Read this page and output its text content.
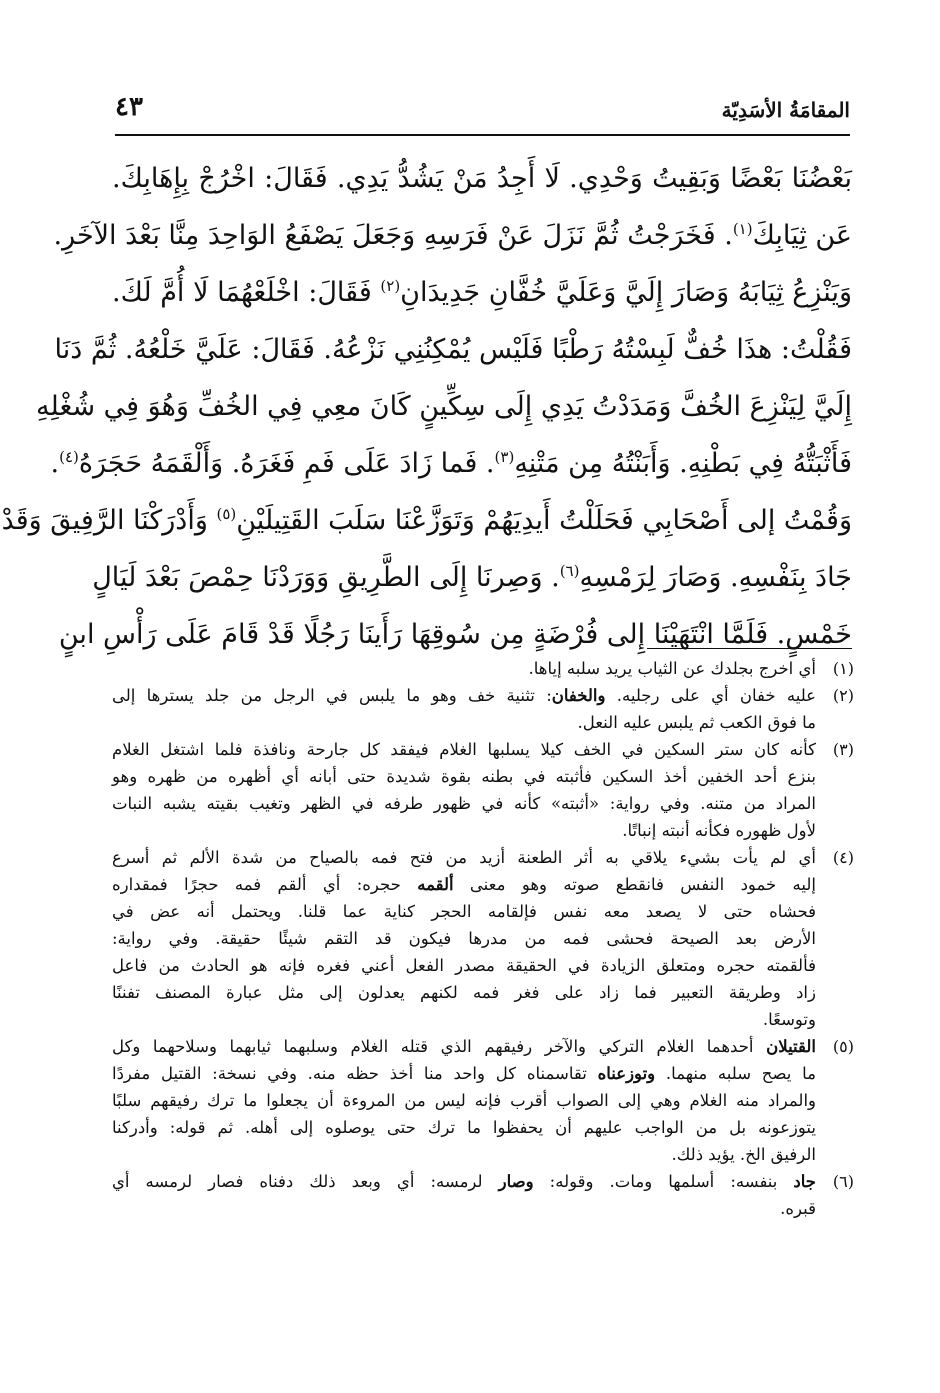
المقامَةُ الأسَدِيّة
٤٣
بَعْضُنَا بَعْضًا وَبَقِيتُ وَحْدِي. لَا أَجِدُ مَنْ يَشُدُّ يَدِي. فَقَالَ: اخْرُجْ بِإِهَابِكَ.
عَن ثِيَابِكَ$^{(١)}$. فَخَرَجْتُ ثُمَّ نَزَلَ عَنْ فَرَسِهِ وَجَعَلَ يَصْفَعُ الوَاحِدَ مِنَّا بَعْدَ الآخَرِ.
وَيَنْزِعُ ثِيَابَهُ وَصَارَ إِلَيَّ وَعَلَيَّ خُفَّانِ جَدِيدَانِ$^{(٢)}$ فَقَالَ: اخْلَعْهُمَا لَا أُمَّ لَكَ.
فَقُلْتُ: هذَا خُفٌّ لَبِسْتُهُ رَطْبًا فَلَيْس يُمْكِنُنِي نَزْعُهُ. فَقَالَ: عَلَيَّ خَلْعُهُ. ثُمَّ دَنَا
إِلَيَّ لِيَنْزِعَ الخُفَّ وَمَدَدْتُ يَدِي إِلَى سِكِّينٍ كَانَ معِي فِي الخُفِّ وَهُوَ فِي شُغْلِهِ
فَأَثْبَتُّهُ فِي بَطْنِهِ. وَأَبَنْتُهُ مِن مَتْنِهِ$^{(٣)}$. فَما زَادَ عَلَى فَمِ فَغَرَهُ. وَأَلْقَمَهُ حَجَرَهُ$^{(٤)}$.
وَقُمْتُ إلى أَصْحَابِي فَحَلَلْتُ أَيدِيَهُمْ وَتَوَزَّعْنَا سَلَبَ القَتِيلَيْنِ$^{(٥)}$ وَأَدْرَكْنَا الرَّفِيقَ وَقَدْ
جَادَ بِنَفْسِهِ. وَصَارَ لِرَمْسِهِ$^{(٦)}$. وَصِرنَا إِلَى الطَّرِيقِ وَوَرَدْنَا حِمْصَ بَعْدَ لَيَالٍ
خَمْسٍ. فَلَمَّا انْتَهَيْنَا إِلى فُرْضَةٍ مِن سُوقِهَا رَأَينَا رَجُلًا قَدْ قَامَ عَلَى رَأْسِ ابنٍ
(١)
أي اخرج بجلدك عن الثياب يريد سلبه إياها.
(٢)
عليه خفان أي على رجليه. والخفان: تثنية خف وهو ما يلبس في الرجل من جلد يسترها إلى
ما فوق الكعب ثم يلبس عليه النعل.
(٣)
كأنه كان ستر السكين في الخف كيلا يسلبها الغلام فيفقد كل جارحة ونافذة فلما اشتغل الغلام
بنزع أحد الخفين أخذ السكين فأثبته في بطنه بقوة شديدة حتى أبانه أي أظهره من ظهره وهو
المراد من متنه. وفي رواية: «أثبته» كأنه في ظهور طرفه في الظهر وتغيب بقيته يشبه النبات
لأول ظهوره فكأنه أنبته إنباتًا.
(٤)
أي لم يأت بشيء يلاقي به أثر الطعنة أزيد من فتح فمه بالصياح من شدة الألم ثم أسرع
إليه خمود النفس فانقطع صوته وهو معنى ألقمه حجره: أي ألقم فمه حجرًا فمقداره
فحشاه حتى لا يصعد معه نفس فإلقامه الحجر كناية عما قلنا. ويحتمل أنه عض في
الأرض بعد الصيحة فحشى فمه من مدرها فيكون قد التقم شيئًا حقيقة. وفي رواية:
فألقمته حجره ومتعلق الزيادة في الحقيقة مصدر الفعل أعني فغره فإنه هو الحادث من فاعل
زاد وطريقة التعبير فما زاد على فغر فمه لكنهم يعدلون إلى مثل عبارة المصنف تفننًا
وتوسعًا.
(٥)
القتيلان أحدهما الغلام التركي والآخر رفيقهم الذي قتله الغلام وسلبهما ثيابهما وسلاحهما وكل
ما يصح سلبه منهما. وتوزعناه تقاسمناه كل واحد منا أخذ حظه منه. وفي نسخة: القتيل مفردًا
والمراد منه الغلام وهي إلى الصواب أقرب فإنه ليس من المروءة أن يجعلوا ما ترك رفيقهم سلبًا
يتوزعونه بل من الواجب عليهم أن يحفظوا ما ترك حتى يوصلوه إلى أهله. ثم قوله: وأدركنا
الرفيق الخ. يؤيد ذلك.
(٦)
جاد بنفسه: أسلمها ومات. وقوله: وصار لرمسه: أي وبعد ذلك دفناه فصار لرمسه أي
قبره.
